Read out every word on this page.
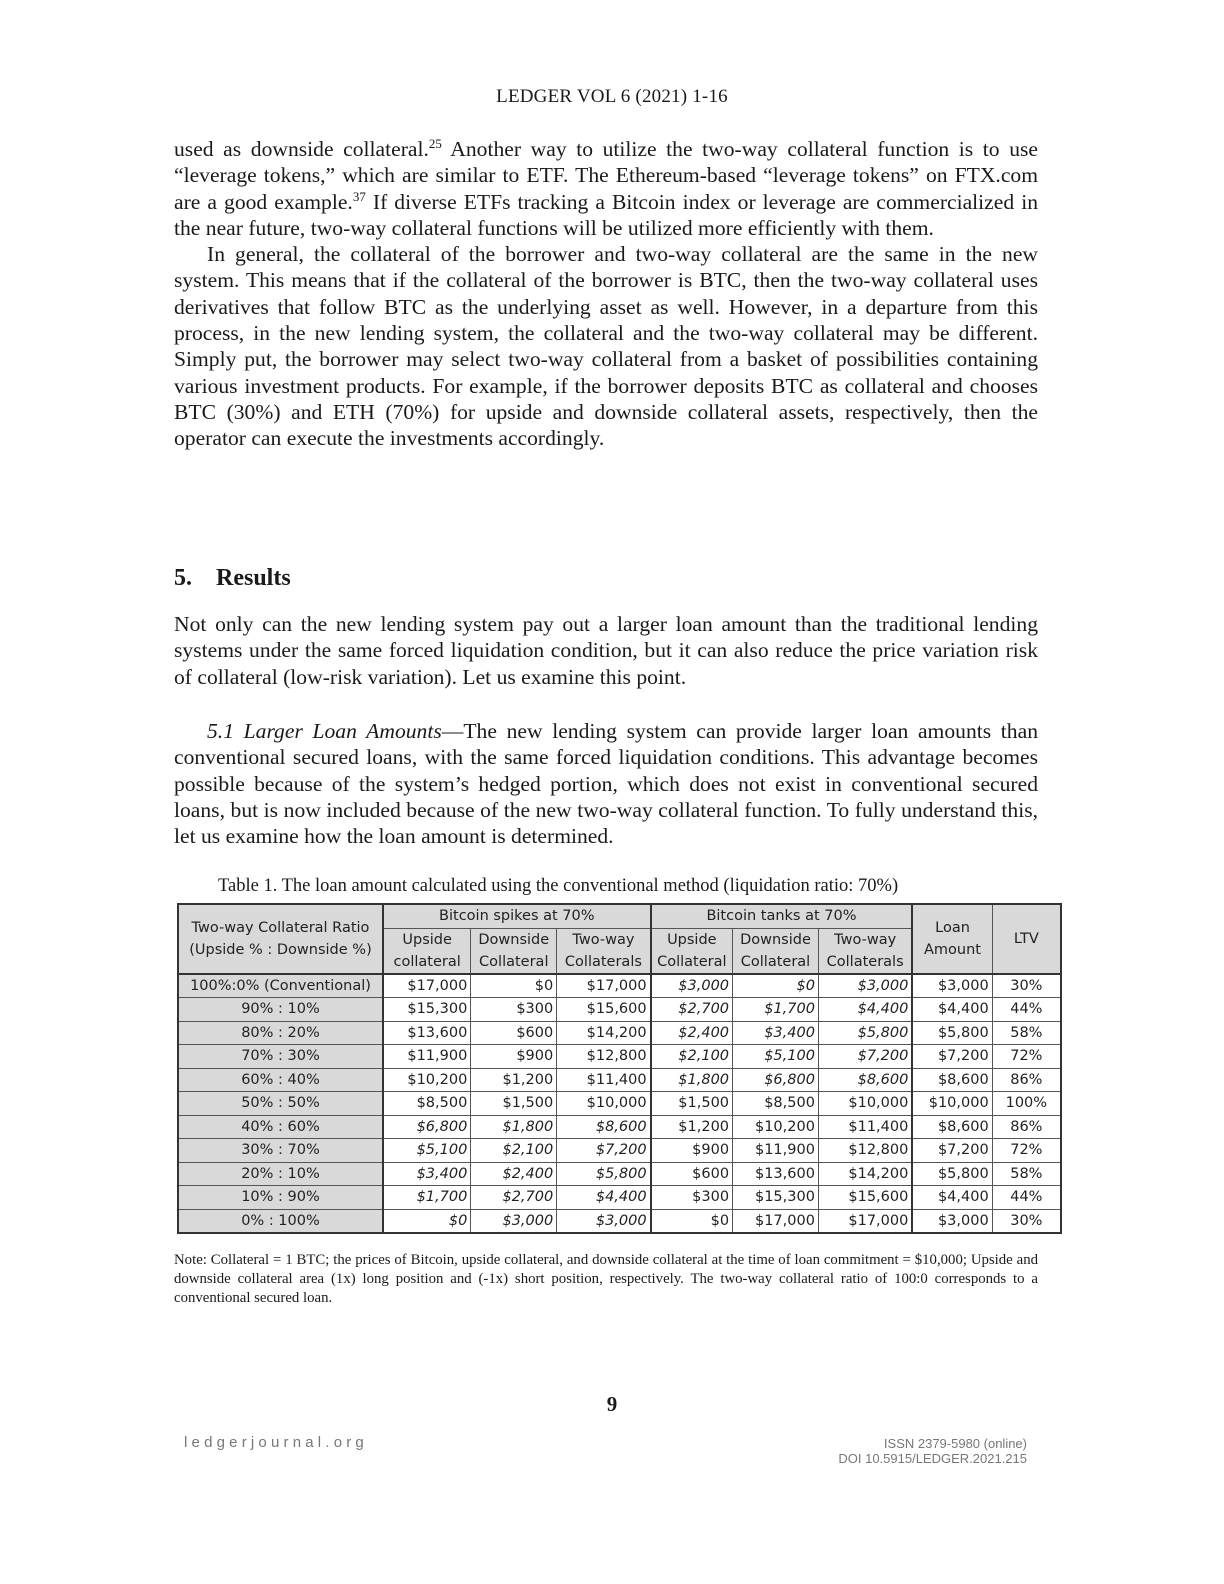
LEDGER VOL 6 (2021) 1-16

used as downside collateral.$^{25}$ Another way to utilize the two-way collateral function is to use “leverage tokens,” which are similar to ETF. The Ethereum-based “leverage tokens” on FTX.com are a good example.$^{37}$ If diverse ETFs tracking a Bitcoin index or leverage are commercialized in the near future, two-way collateral functions will be utilized more efficiently with them.

In general, the collateral of the borrower and two-way collateral are the same in the new system. This means that if the collateral of the borrower is BTC, then the two-way collateral uses derivatives that follow BTC as the underlying asset as well. However, in a departure from this process, in the new lending system, the collateral and the two-way collateral may be different. Simply put, the borrower may select two-way collateral from a basket of possibilities containing various investment products. For example, if the borrower deposits BTC as collateral and chooses BTC (30%) and ETH (70%) for upside and downside collateral assets, respectively, then the operator can execute the investments accordingly.

5. Results

Not only can the new lending system pay out a larger loan amount than the traditional lending systems under the same forced liquidation condition, but it can also reduce the price variation risk of collateral (low-risk variation). Let us examine this point.

5.1 Larger Loan Amounts—The new lending system can provide larger loan amounts than conventional secured loans, with the same forced liquidation conditions. This advantage becomes possible because of the system’s hedged portion, which does not exist in conventional secured loans, but is now included because of the new two-way collateral function. To fully understand this, let us examine how the loan amount is determined.

Table 1. The loan amount calculated using the conventional method (liquidation ratio: 70%)
Two-way Collateral Ratio
(Upside % : Downside %)
	Bitcoin spikes at 70%	Bitcoin tanks at 70%	
Loan
Amount
	LTV

Upside
collateral

Downside
Collateral

Two-way
Collaterals

Upside
Collateral

Downside
Collateral

Two-way
Collaterals

100%:0% (Conventional)	$17,000	$0	$17,000	$3,000	$0	$3,000	$3,000	30%
90% : 10%	$15,300	$300	$15,600	$2,700	$1,700	$4,400	$4,400	44%
80% : 20%	$13,600	$600	$14,200	$2,400	$3,400	$5,800	$5,800	58%
70% : 30%	$11,900	$900	$12,800	$2,100	$5,100	$7,200	$7,200	72%
60% : 40%	$10,200	$1,200	$11,400	$1,800	$6,800	$8,600	$8,600	86%
50% : 50%	$8,500	$1,500	$10,000	$1,500	$8,500	$10,000	$10,000	100%
40% : 60%	$6,800	$1,800	$8,600	$1,200	$10,200	$11,400	$8,600	86%
30% : 70%	$5,100	$2,100	$7,200	$900	$11,900	$12,800	$7,200	72%
20% : 10%	$3,400	$2,400	$5,800	$600	$13,600	$14,200	$5,800	58%
10% : 90%	$1,700	$2,700	$4,400	$300	$15,300	$15,600	$4,400	44%
0% : 100%	$0	$3,000	$3,000	$0	$17,000	$17,000	$3,000	30%
Note: Collateral = 1 BTC; the prices of Bitcoin, upside collateral, and downside collateral at the time of loan commitment = $10,000; Upside and downside collateral area (1x) long position and (-1x) short position, respectively. The two-way collateral ratio of 100:0 corresponds to a conventional secured loan.
9
ledgerjournal.org	ISSN 2379-5980 (online)
DOI 10.5915/LEDGER.2021.215
